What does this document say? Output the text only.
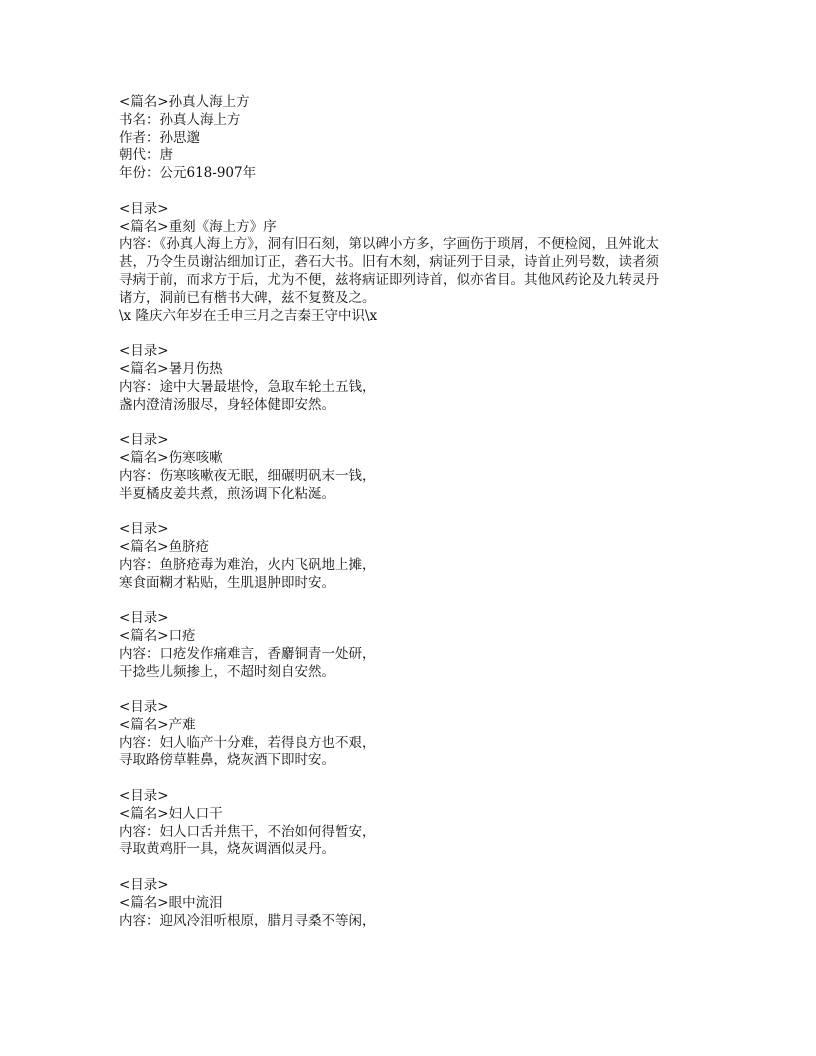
<篇名>孙真人海上方
书名：孙真人海上方
作者：孙思邈
朝代：唐
年份：公元618-907年
<目录>
<篇名>重刻《海上方》序
内容：《孙真人海上方》，洞有旧石刻，第以碑小方多，字画伤于琐屑，不便检阅，且舛讹太
甚，乃令生员谢沾细加订正，砻石大书。旧有木刻，病证列于目录，诗首止列号数，读者须
寻病于前，而求方于后，尤为不便，兹将病证即列诗首，似亦省目。其他风药论及九转灵丹
诸方，洞前已有楷书大碑，兹不复赘及之。
\x 隆庆六年岁在壬申三月之吉秦王守中识\x
<目录>
<篇名>暑月伤热
内容：途中大暑最堪怜，急取车轮土五钱，
盏内澄清汤服尽，身轻体健即安然。
<目录>
<篇名>伤寒咳嗽
内容：伤寒咳嗽夜无眠，细碾明矾末一钱，
半夏橘皮姜共煮，煎汤调下化粘涎。
<目录>
<篇名>鱼脐疮
内容：鱼脐疮毒为难治，火内飞矾地上摊，
寒食面糊才粘贴，生肌退肿即时安。
<目录>
<篇名>口疮
内容：口疮发作痛难言，香麝铜青一处研，
干捻些儿频掺上，不超时刻自安然。
<目录>
<篇名>产难
内容：妇人临产十分难，若得良方也不艰，
寻取路傍草鞋鼻，烧灰酒下即时安。
<目录>
<篇名>妇人口干
内容：妇人口舌并焦干，不治如何得暂安，
寻取黄鸡肝一具，烧灰调酒似灵丹。
<目录>
<篇名>眼中流泪
内容：迎风冷泪听根原，腊月寻桑不等闲，
